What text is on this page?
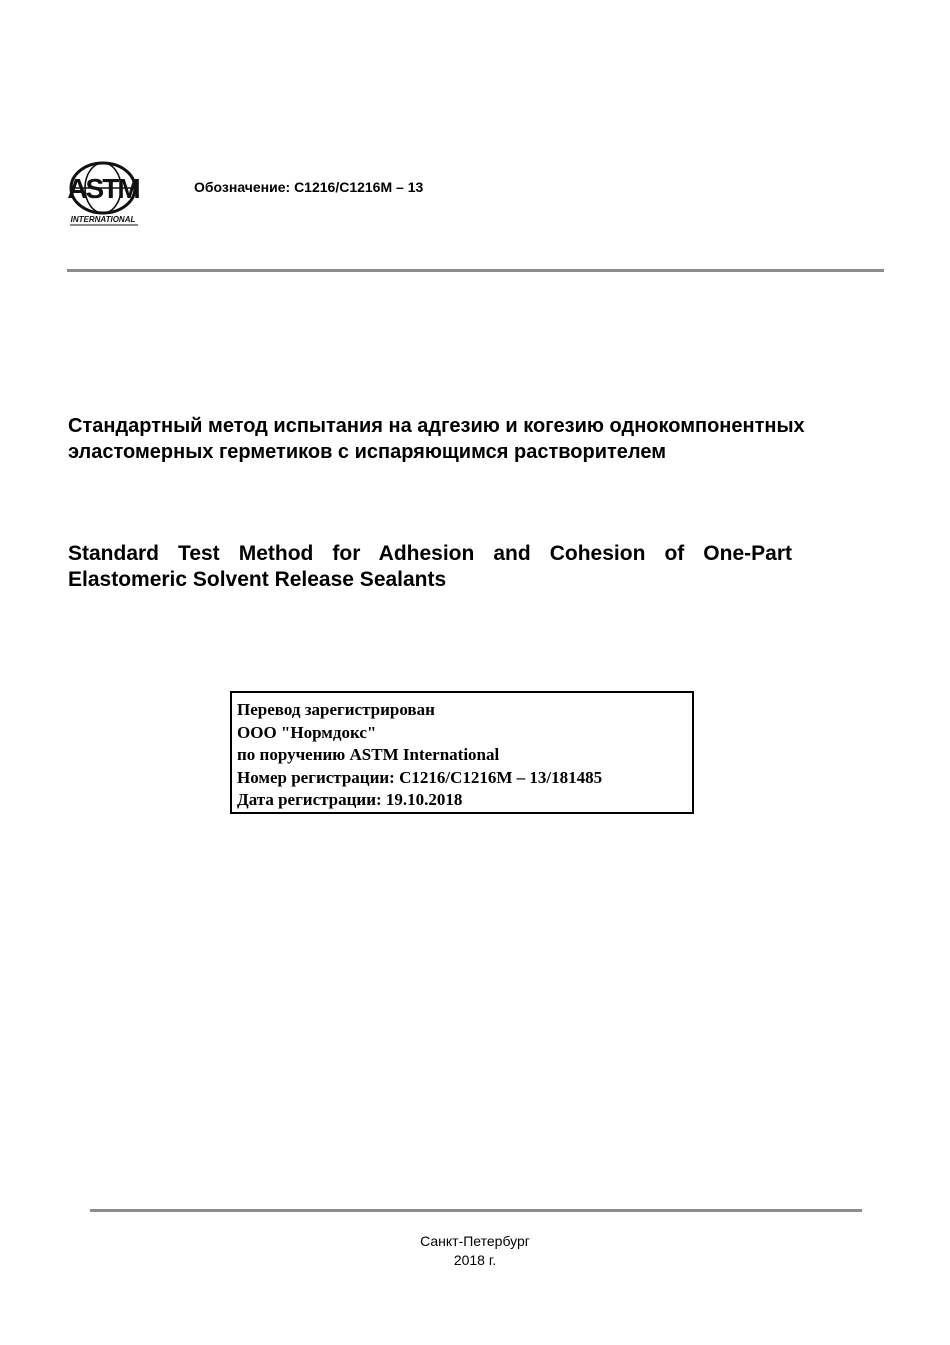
ASTM
INTERNATIONAL
Обозначение: C1216/C1216M – 13
Стандартный метод испытания на адгезию и когезию однокомпонентных эластомерных герметиков с испаряющимся растворителем
Standard Test Method for Adhesion and Cohesion of One-Part Elastomeric Solvent Release Sealants
Перевод зарегистрирован
ООО "Нормдокс"
по поручению ASTM International
Номер регистрации: C1216/C1216M – 13/181485
Дата регистрации: 19.10.2018
Санкт-Петербург
2018 г.
